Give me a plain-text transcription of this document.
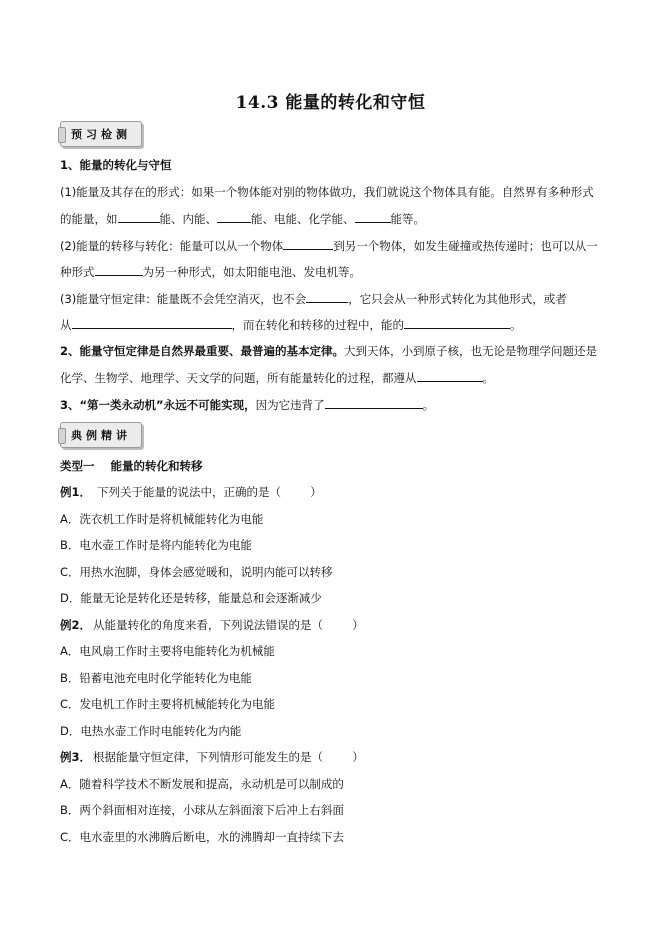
14.3 能量的转化和守恒
预习检测
1、能量的转化与守恒
(1)能量及其存在的形式：如果一个物体能对别的物体做功，我们就说这个物体具有能。自然界有多种形式
的能量，如	能、内能、	能、电能、化学能、	能等。
(2)能量的转移与转化：能量可以从一个物体	到另一个物体，如发生碰撞或热传递时；也可以从一
种形式	为另一种形式，如太阳能电池、发电机等。
(3)能量守恒定律：能量既不会凭空消灭，也不会	，它只会从一种形式转化为其他形式，或者
从	，而在转化和转移的过程中，能的	。
2、能量守恒定律是自然界最重要、最普遍的基本定律。大到天体，小到原子核，也无论是物理学问题还是
化学、生物学、地理学、天文学的问题，所有能量转化的过程，都遵从	。
3、“第一类永动机”永远不可能实现，因为它违背了	。
典例精讲
类型一    能量的转化和转移
例1． 下列关于能量的说法中，正确的是（        ）
A．洗衣机工作时是将机械能转化为电能
B．电水壶工作时是将内能转化为电能
C．用热水泡脚，身体会感觉暖和，说明内能可以转移
D．能量无论是转化还是转移，能量总和会逐渐减少
例2． 从能量转化的角度来看，下列说法错误的是（        ）
A．电风扇工作时主要将电能转化为机械能
B．铅蓄电池充电时化学能转化为电能
C．发电机工作时主要将机械能转化为电能
D．电热水壶工作时电能转化为内能
例3． 根据能量守恒定律，下列情形可能发生的是（        ）
A．随着科学技术不断发展和提高，永动机是可以制成的
B．两个斜面相对连接，小球从左斜面滚下后冲上右斜面
C．电水壶里的水沸腾后断电，水的沸腾却一直持续下去
